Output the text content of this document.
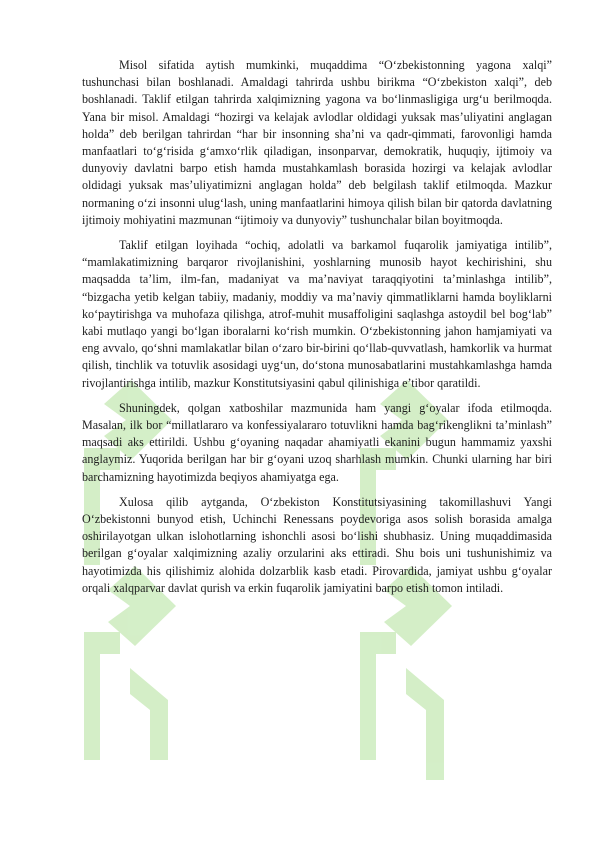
Misol sifatida aytish mumkinki, muqaddima “O‘zbekistonning yagona xalqi” tushunchasi bilan boshlanadi. Amaldagi tahrirda ushbu birikma “O‘zbekiston xalqi”, deb boshlanadi. Taklif etilgan tahrirda xalqimizning yagona va bo‘linmasligiga urg‘u berilmoqda. Yana bir misol. Amaldagi “hozirgi va kelajak avlodlar oldidagi yuksak mas’uliyatini anglagan holda” deb berilgan tahrirdan “har bir insonning sha’ni va qadr-qimmati, farovonligi hamda manfaatlari to‘g‘risida g‘amxo‘rlik qiladigan, insonparvar, demokratik, huquqiy, ijtimoiy va dunyoviy davlatni barpo etish hamda mustahkamlash borasida hozirgi va kelajak avlodlar oldidagi yuksak mas’uliyatimizni anglagan holda” deb belgilash taklif etilmoqda. Mazkur normaning o‘zi insonni ulug‘lash, uning manfaatlarini himoya qilish bilan bir qatorda davlatning ijtimoiy mohiyatini mazmunan “ijtimoiy va dunyoviy” tushunchalar bilan boyitmoqda.

Taklif etilgan loyihada “ochiq, adolatli va barkamol fuqarolik jamiyatiga intilib”, “mamlakatimizning barqaror rivojlanishini, yoshlarning munosib hayot kechirishini, shu maqsadda ta’lim, ilm-fan, madaniyat va ma’naviyat taraqqiyotini ta’minlashga intilib”, “bizgacha yetib kelgan tabiiy, madaniy, moddiy va ma’naviy qimmatliklarni hamda boyliklarni ko‘paytirishga va muhofaza qilishga, atrof-muhit musaffoligini saqlashga astoydil bel bog‘lab” kabi mutlaqo yangi bo‘lgan iboralarni ko‘rish mumkin. O‘zbekistonning jahon hamjamiyati va eng avvalo, qo‘shni mamlakatlar bilan o‘zaro bir-birini qo‘llab-quvvatlash, hamkorlik va hurmat qilish, tinchlik va totuvlik asosidagi uyg‘un, do‘stona munosabatlarini mustahkamlashga hamda rivojlantirishga intilib, mazkur Konstitutsiyasini qabul qilinishiga e’tibor qaratildi.

Shuningdek, qolgan xatboshilar mazmunida ham yangi g‘oyalar ifoda etilmoqda. Masalan, ilk bor “millatlararo va konfessiyalararo totuvlikni hamda bag‘rikenglikni ta’minlash” maqsadi aks ettirildi. Ushbu g‘oyaning naqadar ahamiyatli ekanini bugun hammamiz yaxshi anglaymiz. Yuqorida berilgan har bir g‘oyani uzoq sharhlash mumkin. Chunki ularning har biri barchamizning hayotimizda beqiyos ahamiyatga ega.

Xulosa qilib aytganda, O‘zbekiston Konstitutsiyasining takomillashuvi Yangi O‘zbekistonni bunyod etish, Uchinchi Renessans poydevoriga asos solish borasida amalga oshirilayotgan ulkan islohotlarning ishonchli asosi bo‘lishi shubhasiz. Uning muqaddimasida berilgan g‘oyalar xalqimizning azaliy orzularini aks ettiradi. Shu bois uni tushunishimiz va hayotimizda his qilishimiz alohida dolzarblik kasb etadi. Pirovardida, jamiyat ushbu g‘oyalar orqali xalqparvar davlat qurish va erkin fuqarolik jamiyatini barpo etish tomon intiladi.
